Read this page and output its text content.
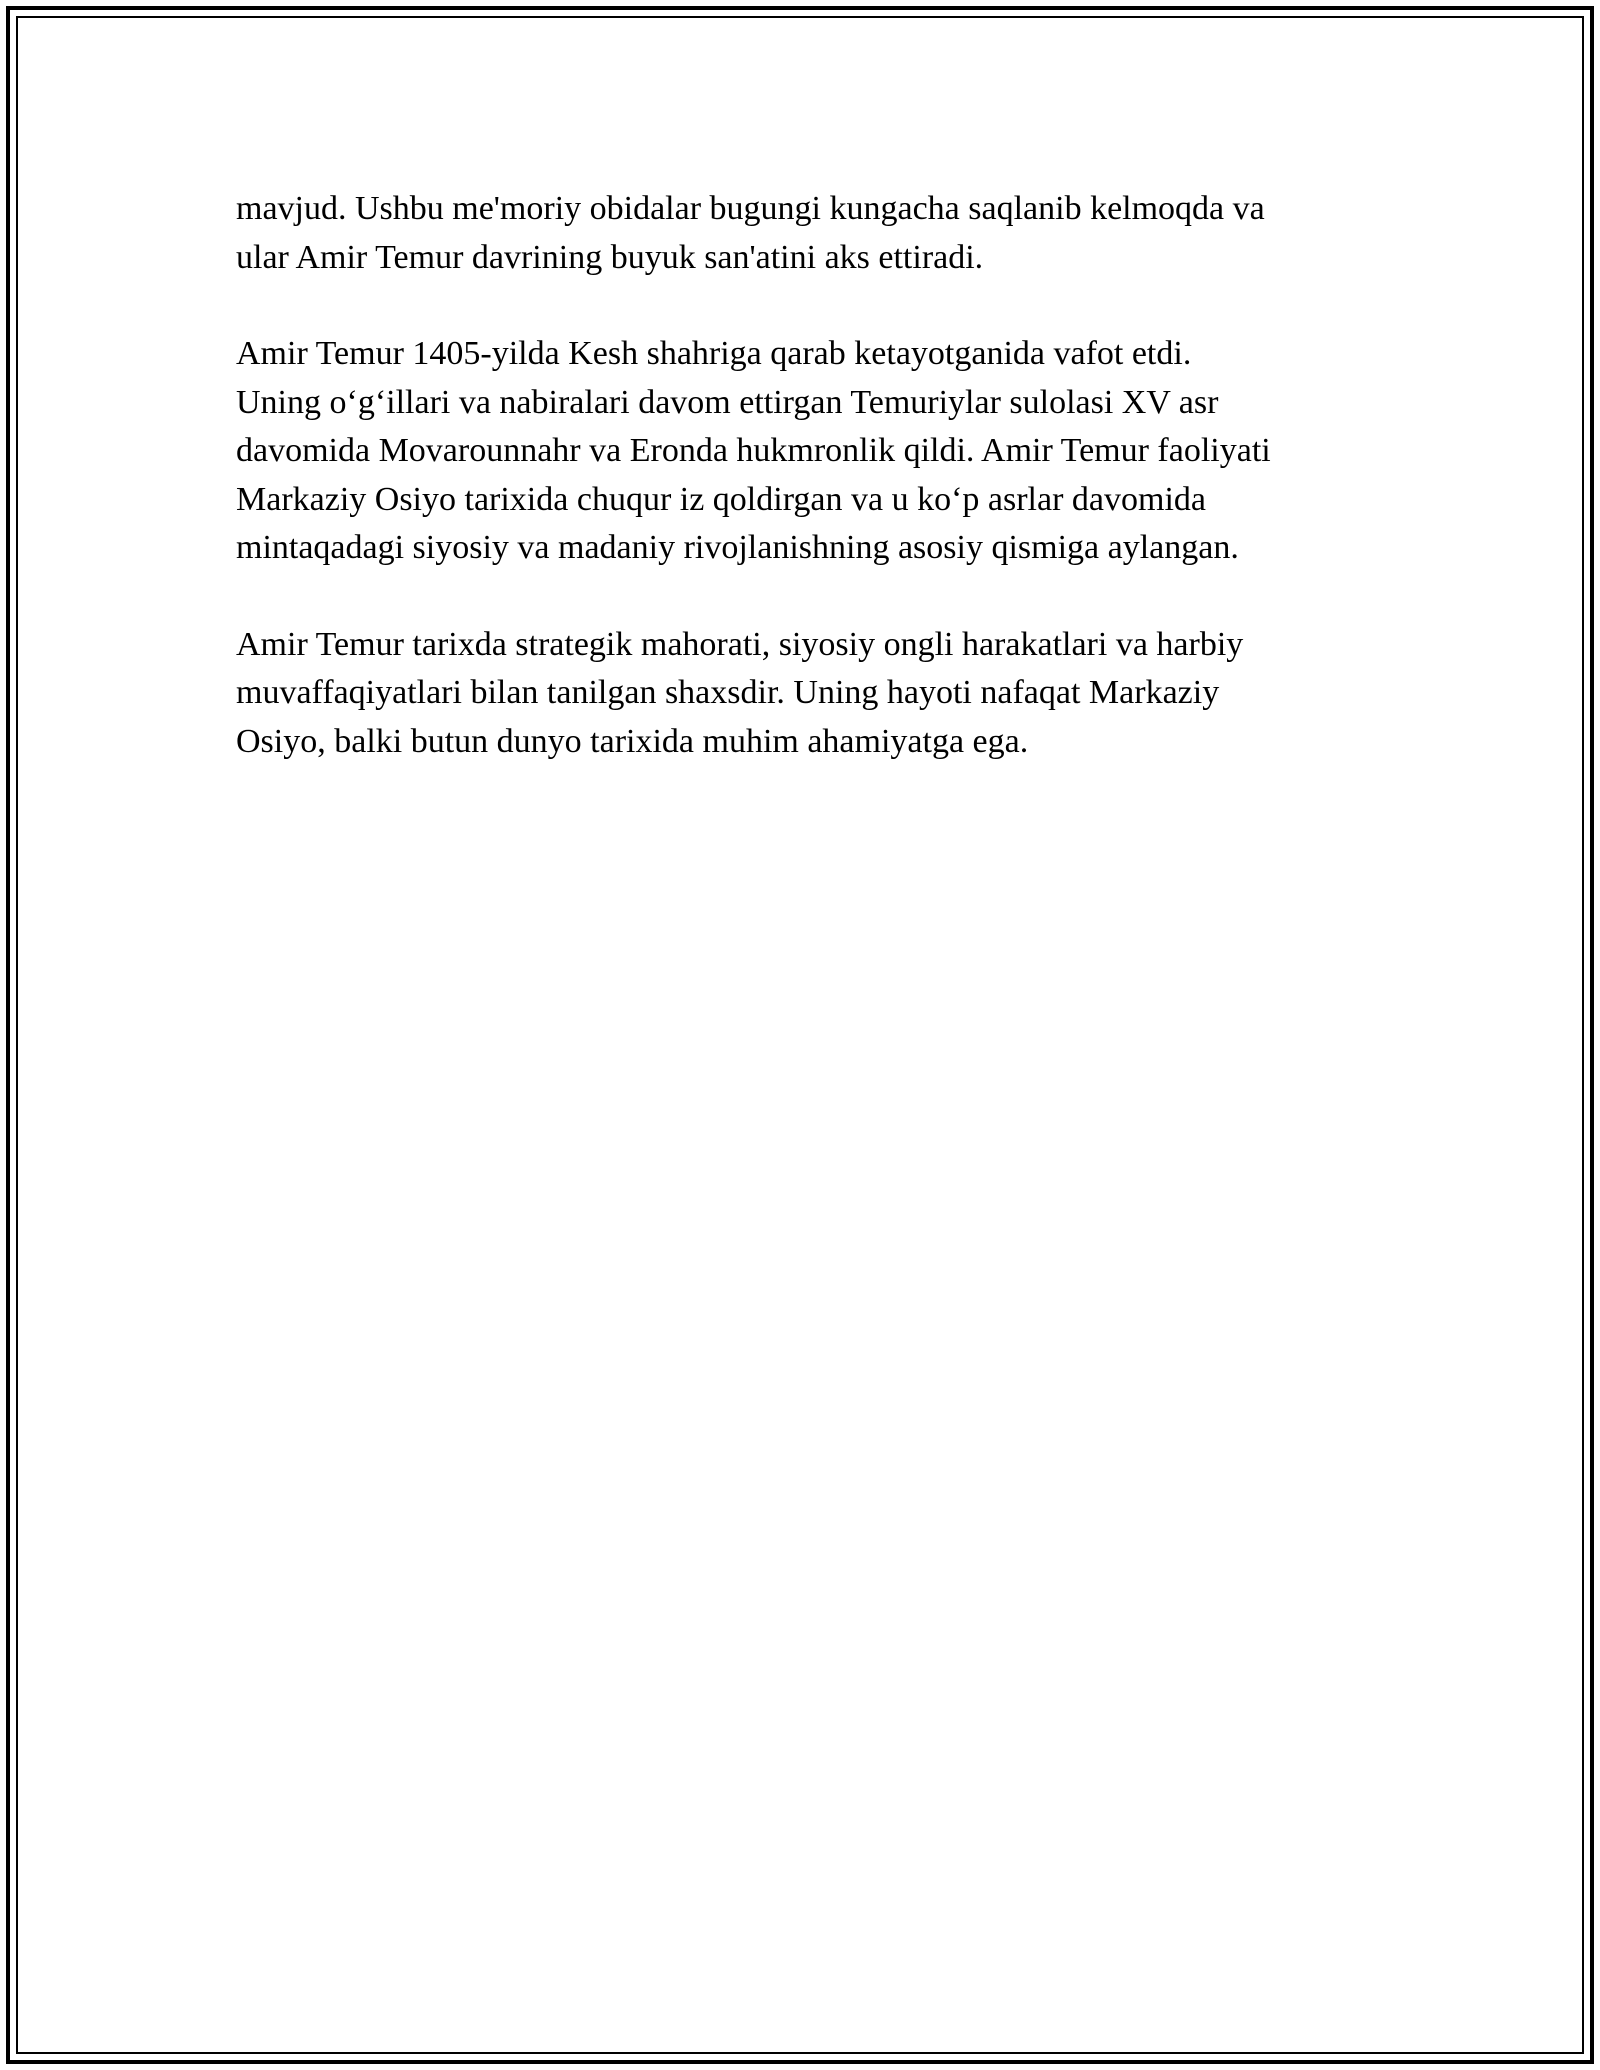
mavjud. Ushbu me'moriy obidalar bugungi kungacha saqlanib kelmoqda va
ular Amir Temur davrining buyuk san'atini aks ettiradi.

Amir Temur 1405-yilda Kesh shahriga qarab ketayotganida vafot etdi.
Uning o‘g‘illari va nabiralari davom ettirgan Temuriylar sulolasi XV asr
davomida Movarounnahr va Eronda hukmronlik qildi. Amir Temur faoliyati
Markaziy Osiyo tarixida chuqur iz qoldirgan va u ko‘p asrlar davomida
mintaqadagi siyosiy va madaniy rivojlanishning asosiy qismiga aylangan.

Amir Temur tarixda strategik mahorati, siyosiy ongli harakatlari va harbiy
muvaffaqiyatlari bilan tanilgan shaxsdir. Uning hayoti nafaqat Markaziy
Osiyo, balki butun dunyo tarixida muhim ahamiyatga ega.
